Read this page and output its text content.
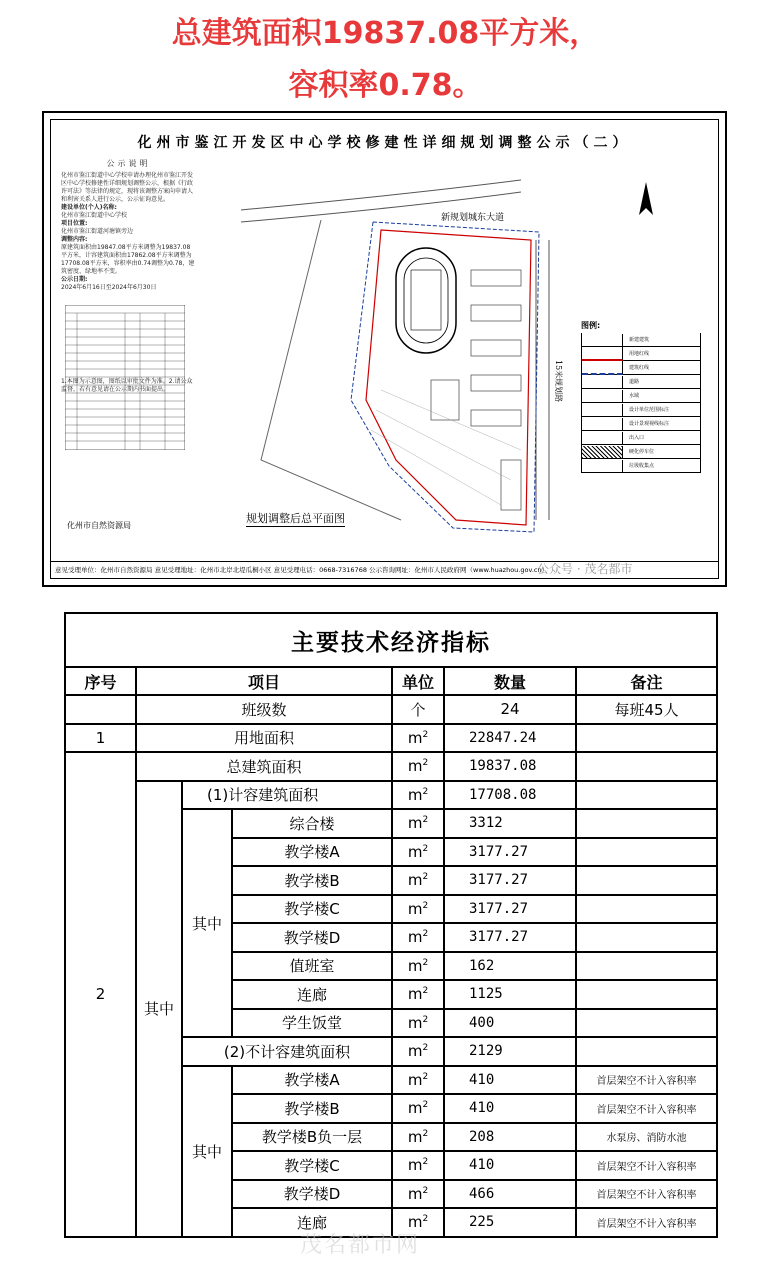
总建筑面积19837.08平方米，
容积率0.78。
化州市鉴江开发区中心学校修建性详细规划调整公示（二）
公示说明
化州市鉴江街道中心学校申请办理化州市鉴江开发区中心学校修建性详细规划调整公示，根据《行政许可法》等法律的规定，现将该调整方案向申请人和利害关系人进行公示，公示征询意见。
建设单位(个人)名称:
化州市鉴江街道中心学校
项目位置:
化州市鉴江街道河塘镇旁边
调整内容:
原建筑面积由19847.08平方米调整为19837.08平方米，计容建筑面积由17862.08平方米调整为17708.08平方米，容积率由0.74调整为0.78，建筑密度、绿地率不变。
公示日期:
2024年6月16日至2024年6月30日
1.本图为示意图，图纸以审批文件为准。2.请公众监督，若有意见请在公示期内书面提出。
化州市自然资源局
新规划城东大道
15米规划路
规划调整后总平面图
图例:
新建建筑
用地红线
建筑红线
道路
水域
设计单位范围标注
设计景观视线标注
出入口
硬化停车位
垃圾收集点
公众号 · 茂名都市
意见受理单位：化州市自然资源局 意见受理地址：化州市北岸北堤瓜桐小区 意见受理电话：0668-7316768 公示咨询网址：化州市人民政府网（www.huazhou.gov.cn）
主要技术经济指标						
序号	项目			单位	数量	备注
	班级数			个	24	每班45人
1	用地面积			$m^2$	22847.24	
2	总建筑面积			$m^2$	19837.08	
	其中	(1)计容建筑面积		$m^2$	17708.08	
		其中	综合楼	$m^2$	3312	
			教学楼A	$m^2$	3177.27	
			教学楼B	$m^2$	3177.27	
			教学楼C	$m^2$	3177.27	
			教学楼D	$m^2$	3177.27	
			值班室	$m^2$	162	
			连廊	$m^2$	1125	
			学生饭堂	$m^2$	400	
		(2)不计容建筑面积		$m^2$	2129	
		其中	教学楼A	$m^2$	410	首层架空不计入容积率
			教学楼B	$m^2$	410	首层架空不计入容积率
			教学楼B负一层	$m^2$	208	水泵房、消防水池
			教学楼C	$m^2$	410	首层架空不计入容积率
			教学楼D	$m^2$	466	首层架空不计入容积率
			连廊	$m^2$	225	首层架空不计入容积率
茂名都市网
